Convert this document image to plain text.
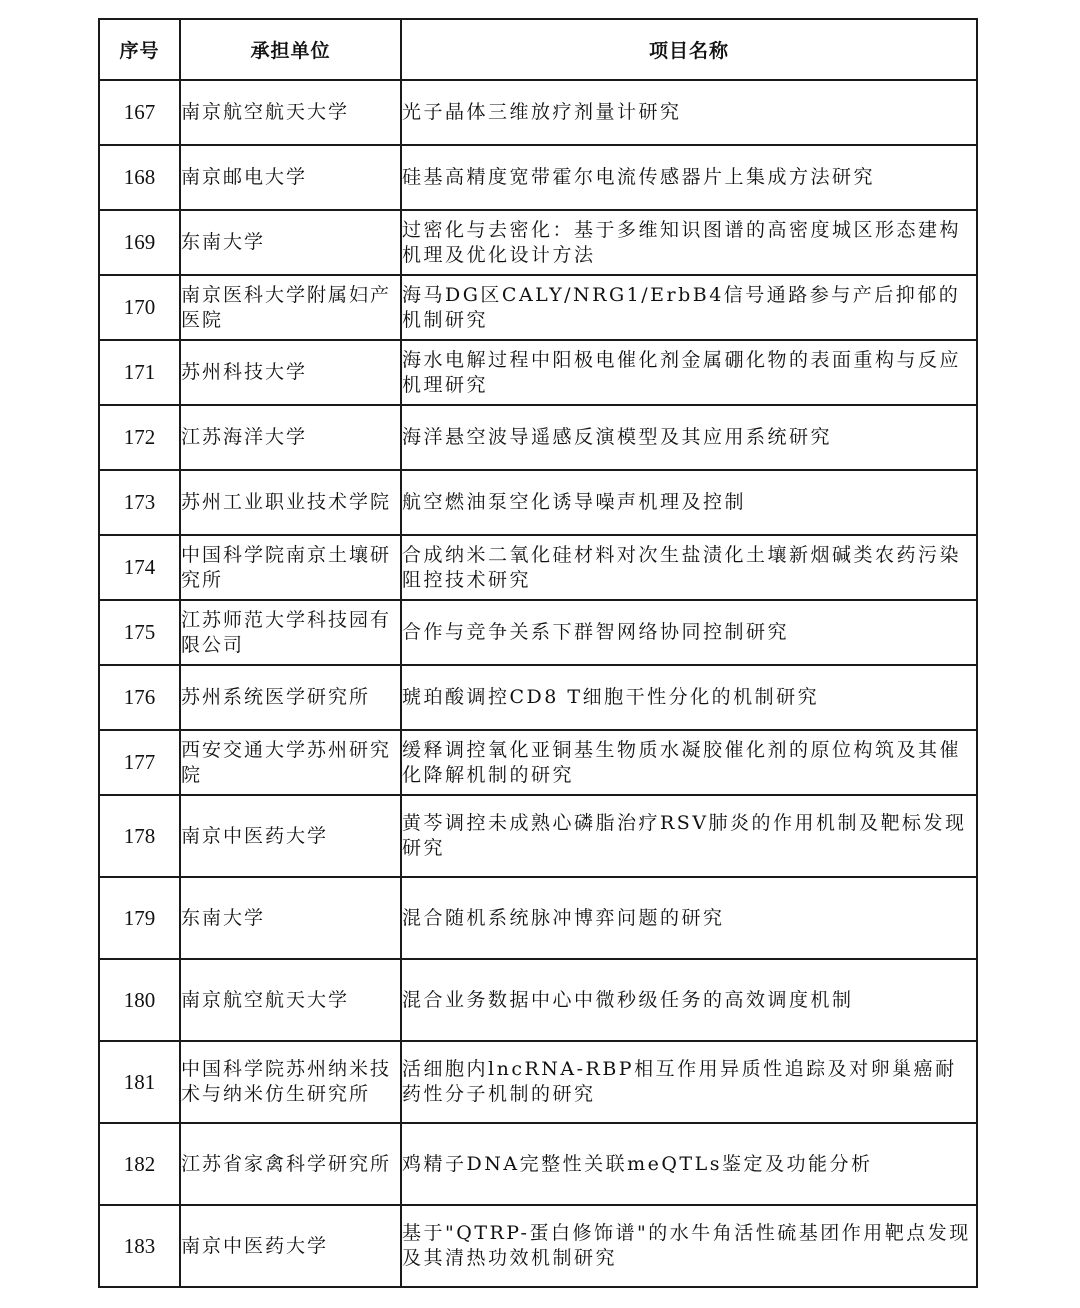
序号	承担单位	项目名称
167	南京航空航天大学	光子晶体三维放疗剂量计研究
168	南京邮电大学	硅基高精度宽带霍尔电流传感器片上集成方法研究
169	东南大学	过密化与去密化：基于多维知识图谱的高密度城区形态建构机理及优化设计方法
170	南京医科大学附属妇产医院	海马DG区CALY/NRG1/ErbB4信号通路参与产后抑郁的机制研究
171	苏州科技大学	海水电解过程中阳极电催化剂金属硼化物的表面重构与反应机理研究
172	江苏海洋大学	海洋悬空波导遥感反演模型及其应用系统研究
173	苏州工业职业技术学院	航空燃油泵空化诱导噪声机理及控制
174	中国科学院南京土壤研究所	合成纳米二氧化硅材料对次生盐渍化土壤新烟碱类农药污染阻控技术研究
175	江苏师范大学科技园有限公司	合作与竞争关系下群智网络协同控制研究
176	苏州系统医学研究所	琥珀酸调控CD8 T细胞干性分化的机制研究
177	西安交通大学苏州研究院	缓释调控氧化亚铜基生物质水凝胶催化剂的原位构筑及其催化降解机制的研究
178	南京中医药大学	黄芩调控未成熟心磷脂治疗RSV肺炎的作用机制及靶标发现研究
179	东南大学	混合随机系统脉冲博弈问题的研究
180	南京航空航天大学	混合业务数据中心中微秒级任务的高效调度机制
181	中国科学院苏州纳米技术与纳米仿生研究所	活细胞内lncRNA-RBP相互作用异质性追踪及对卵巢癌耐药性分子机制的研究
182	江苏省家禽科学研究所	鸡精子DNA完整性关联meQTLs鉴定及功能分析
183	南京中医药大学	基于"QTRP-蛋白修饰谱"的水牛角活性硫基团作用靶点发现及其清热功效机制研究
